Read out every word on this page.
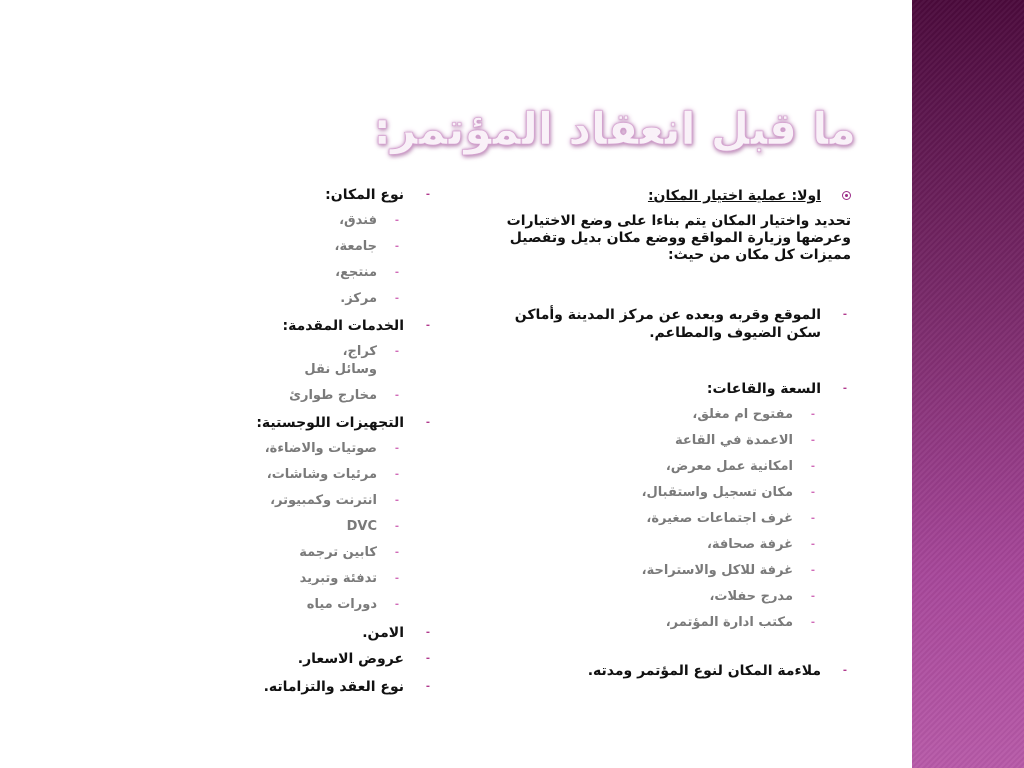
ما قبل انعقاد المؤتمر:
اولا: عملية اختيار المكان:
تحديد واختيار المكان يتم بناءا على وضع الاختيارات وعرضها وزيارة المواقع ووضع مكان بديل وتفصيل مميزات كل مكان من حيث:
-
الموقع وقربه وبعده عن مركز المدينة وأماكن سكن الضيوف والمطاعم.
-
السعة والقاعات:
-
مفتوح ام مغلق،
-
الاعمدة في القاعة
-
امكانية عمل معرض،
-
مكان تسجيل واستقبال،
-
غرف اجتماعات صغيرة،
-
غرفة صحافة،
-
غرفة للاكل والاستراحة،
-
مدرج حفلات،
-
مكتب ادارة المؤتمر،
-
ملاءمة المكان لنوع المؤتمر ومدته.
-
نوع المكان:
-
فندق،
-
جامعة،
-
منتجع،
-
مركز.
-
الخدمات المقدمة:
-
كراج،
وسائل نقل
-
مخارج طوارئ
-
التجهيزات اللوجستية:
-
صوتيات والاضاءة،
-
مرئيات وشاشات،
-
انترنت وكمبيوتر،
-
DVC
-
كابين ترجمة
-
تدفئة وتبريد
-
دورات مياه
-
الامن.
-
عروض الاسعار.
-
نوع العقد والتزاماته.
